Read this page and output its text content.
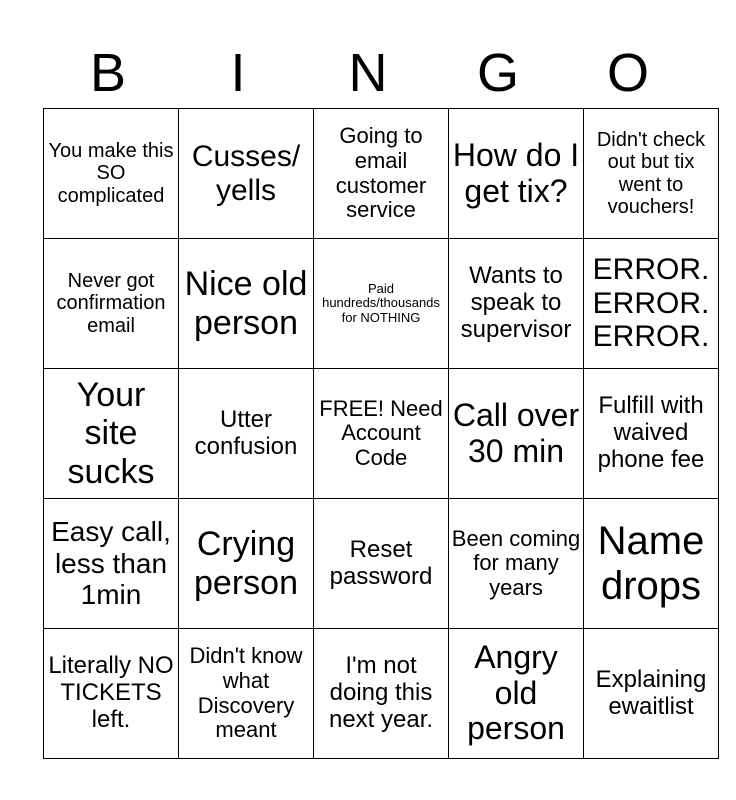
B	I	N	G	O
You make this SO complicated	Cusses/ yells	Going to email customer service	How do I get tix?	Didn't check out but tix went to vouchers!
Never got confirmation email	Nice old person	Paid hundreds/thousands for NOTHING	Wants to speak to supervisor	ERROR. ERROR. ERROR.
Your site sucks	Utter confusion	FREE! Need Account Code	Call over 30 min	Fulfill with waived phone fee
Easy call, less than 1min	Crying person	Reset password	Been coming for many years	Name drops
Literally NO TICKETS left.	Didn't know what Discovery meant	I'm not doing this next year.	Angry old person	Explaining ewaitlist
